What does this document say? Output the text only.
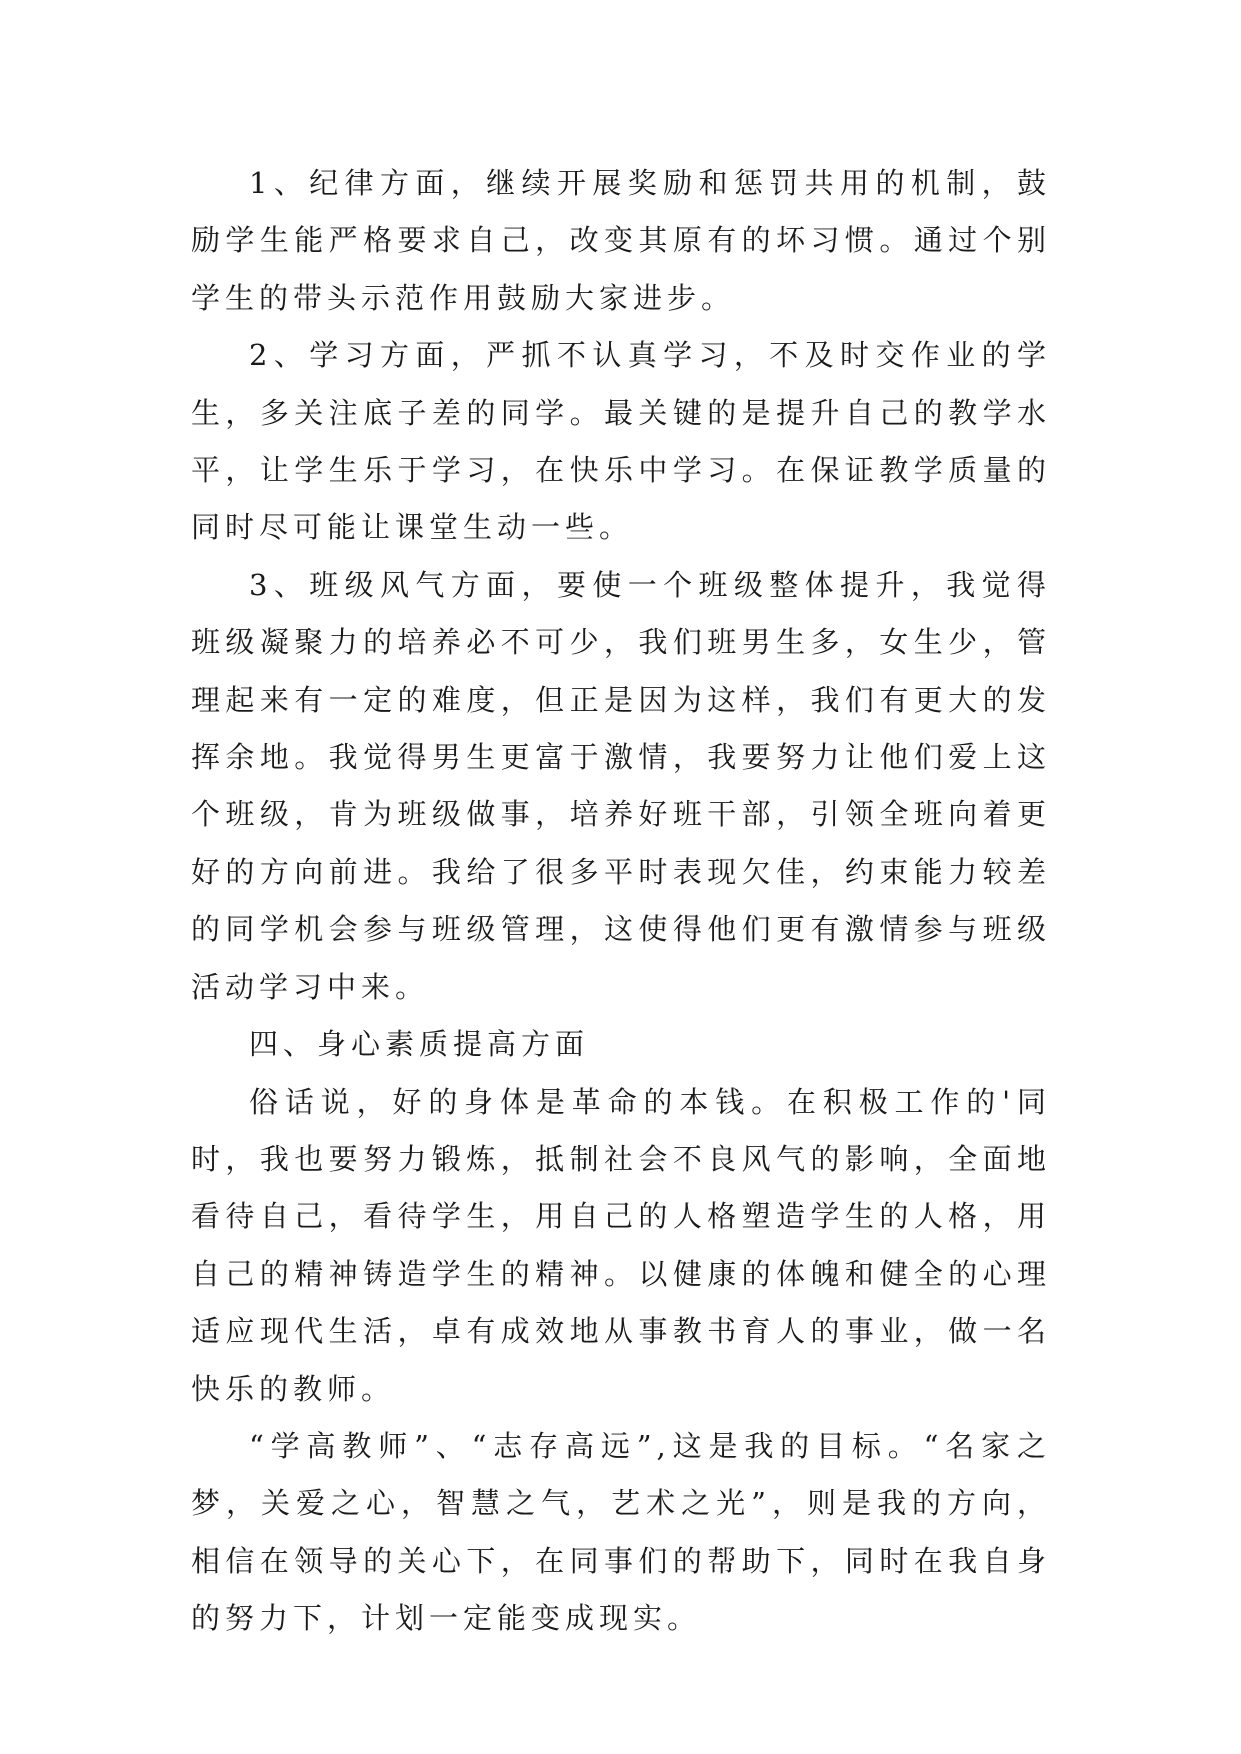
1、纪律方面，继续开展奖励和惩罚共用的机制，鼓励学生能严格要求自己，改变其原有的坏习惯。通过个别学生的带头示范作用鼓励大家进步。

2、学习方面，严抓不认真学习，不及时交作业的学生，多关注底子差的同学。最关键的是提升自己的教学水平，让学生乐于学习，在快乐中学习。在保证教学质量的同时尽可能让课堂生动一些。

3、班级风气方面，要使一个班级整体提升，我觉得班级凝聚力的培养必不可少，我们班男生多，女生少，管理起来有一定的难度，但正是因为这样，我们有更大的发挥余地。我觉得男生更富于激情，我要努力让他们爱上这个班级，肯为班级做事，培养好班干部，引领全班向着更好的方向前进。我给了很多平时表现欠佳，约束能力较差的同学机会参与班级管理，这使得他们更有激情参与班级活动学习中来。

四、身心素质提高方面

俗话说，好的身体是革命的本钱。在积极工作的'同时，我也要努力锻炼，抵制社会不良风气的影响，全面地看待自己，看待学生，用自己的人格塑造学生的人格，用自己的精神铸造学生的精神。以健康的体魄和健全的心理适应现代生活，卓有成效地从事教书育人的事业，做一名快乐的教师。

“学高教师”、“志存高远”,这是我的目标。“名家之梦，关爱之心，智慧之气，艺术之光”，则是我的方向，相信在领导的关心下，在同事们的帮助下，同时在我自身的努力下，计划一定能变成现实。
